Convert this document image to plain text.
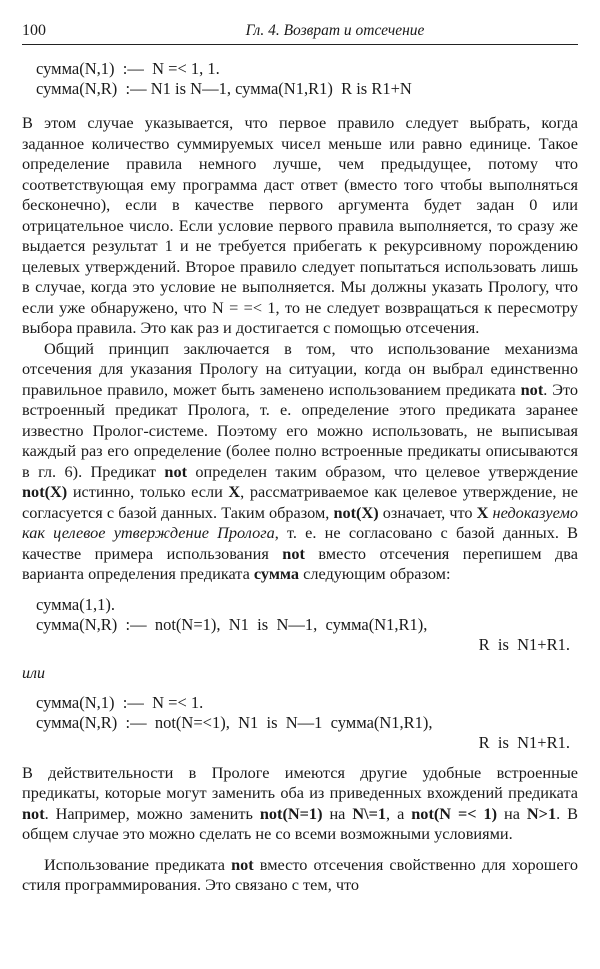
100	Гл. 4. Возврат и отсечение
сумма(N,1)  :—  N =< 1, 1.
сумма(N,R)  :— N1 is N—1, сумма(N1,R1)  R is R1+N

В этом случае указывается, что первое правило следует выбрать, когда заданное количество суммируемых чисел меньше или равно единице. Такое определение правила немного лучше, чем предыдущее, потому что соответствующая ему программа даст ответ (вместо того чтобы выполняться бесконечно), если в качестве первого аргумента будет задан 0 или отрицательное число. Если условие первого правила выполняется, то сразу же выдается результат 1 и не требуется прибегать к рекурсивному порождению целевых утверждений. Второе правило следует попытаться использовать лишь в случае, когда это условие не выполняется. Мы должны указать Прологу, что если уже обнаружено, что N = =< 1, то не следует возвращаться к пересмотру выбора правила. Это как раз и достигается с помощью отсечения.

Общий принцип заключается в том, что использование механизма отсечения для указания Прологу на ситуации, когда он выбрал единственно правильное правило, может быть заменено использованием предиката not. Это встроенный предикат Пролога, т. е. определение этого предиката заранее известно Пролог-системе. Поэтому его можно использовать, не выписывая каждый раз его определение (более полно встроенные предикаты описываются в гл. 6). Предикат not определен таким образом, что целевое утверждение not(X) истинно, только если X, рассматриваемое как целевое утверждение, не согласуется с базой данных. Таким образом, not(X) означает, что X недоказуемо как целевое утверждение Пролога, т. е. не согласовано с базой данных. В качестве примера использования not вместо отсечения перепишем два варианта определения предиката сумма следующим образом:

сумма(1,1).
сумма(N,R)  :—  not(N=1),  N1  is  N—1,  сумма(N1,R1),
R  is  N1+R1.
или
сумма(N,1)  :—  N =< 1.
сумма(N,R)  :—  not(N=<1),  N1  is  N—1  сумма(N1,R1),
R  is  N1+R1.

В действительности в Прологе имеются другие удобные встроенные предикаты, которые могут заменить оба из приведенных вхождений предиката not. Например, можно заменить not(N=1) на N\=1, а not(N =< 1) на N>1. В общем случае это можно сделать не со всеми возможными условиями.

Использование предиката not вместо отсечения свойственно для хорошего стиля программирования. Это связано с тем, что
